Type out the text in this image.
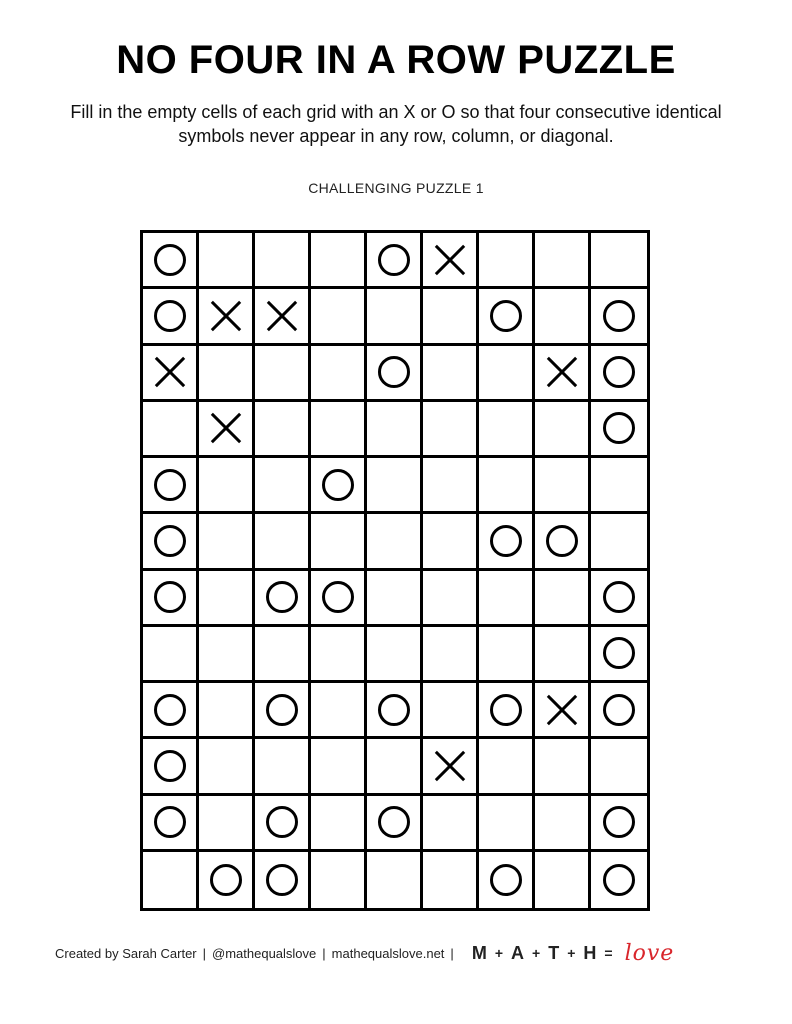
NO FOUR IN A ROW PUZZLE
Fill in the empty cells of each grid with an X or O so that four consecutive identical symbols never appear in any row, column, or diagonal.
CHALLENGING PUZZLE 1
Created by Sarah Carter | @mathequalslove | mathequalslove.net | M + A + T + H = love
